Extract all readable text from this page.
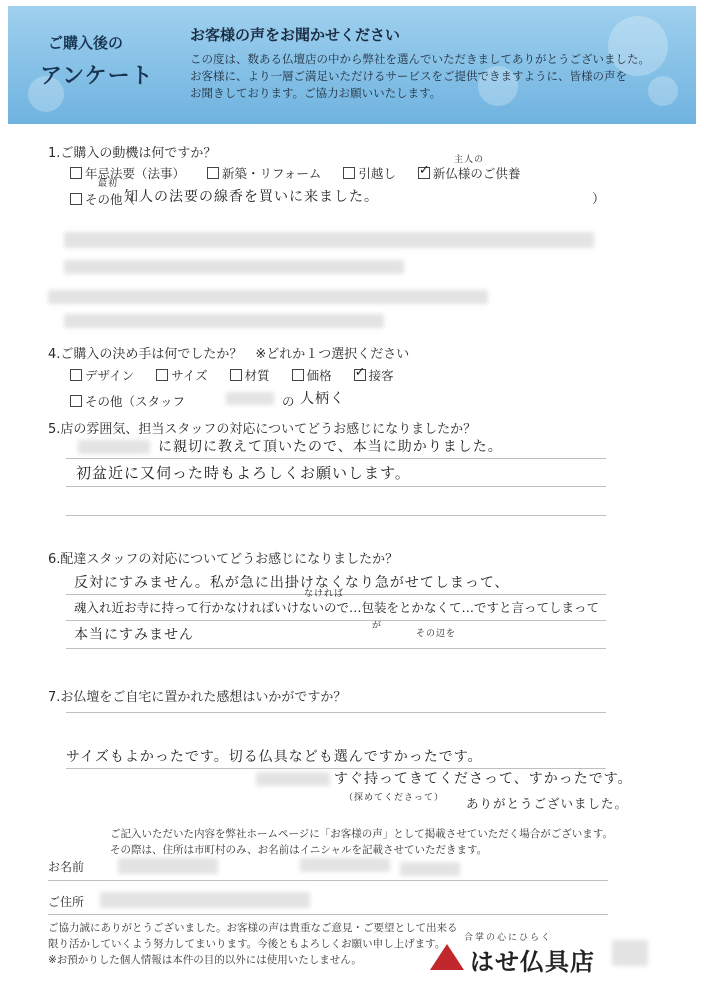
ご購入後の
アンケート
お客様の声をお聞かせください
この度は、数ある仏壇店の中から弊社を選んでいただきましてありがとうございました。
お客様に、より一層ご満足いただけるサービスをご提供できますように、皆様の声を
お聞きしております。ご協力お願いいたします。
1.ご購入の動機は何ですか？	主人の
年忌法要（法事）	新築・リフォーム	引越し ✓	新仏様のご供養
その他（
最初
知人の法要の線香を買いに来ました。	）
4.ご購入の決め手は何でしたか？　※どれか１つ選択ください
デザイン	サイズ	材質	価格 ✓	接客
その他（スタッフ	の 人柄く
5.店の雰囲気、担当スタッフの対応についてどうお感じになりましたか？
に親切に教えて頂いたので、本当に助かりました。
初盆近に又伺った時もよろしくお願いします。
6.配達スタッフの対応についてどうお感じになりましたか？
反対にすみません。私が急に出掛けなくなり急がせてしまって、
なければ
魂入れ近お寺に持って行かなければいけないので…包装をとかなくて…ですと言ってしまって
が
本当にすみません	その辺を
7.お仏壇をご自宅に置かれた感想はいかがですか？
サイズもよかったです。切る仏具なども選んですかったです。
すぐ持ってきてくださって、すかったです。
（探めてくださって） ありがとうございました。
ご記入いただいた内容を弊社ホームページに「お客様の声」として掲載させていただく場合がございます。
その際は、住所は市町村のみ、お名前はイニシャルを記載させていただきます。
お名前
ご住所
ご協力誠にありがとうございました。お客様の声は貴重なご意見・ご要望として出来る
限り活かしていくよう努力してまいります。今後ともよろしくお願い申し上げます。
※お預かりした個人情報は本件の目的以外には使用いたしません。
合掌の心にひらく
はせ仏具店
